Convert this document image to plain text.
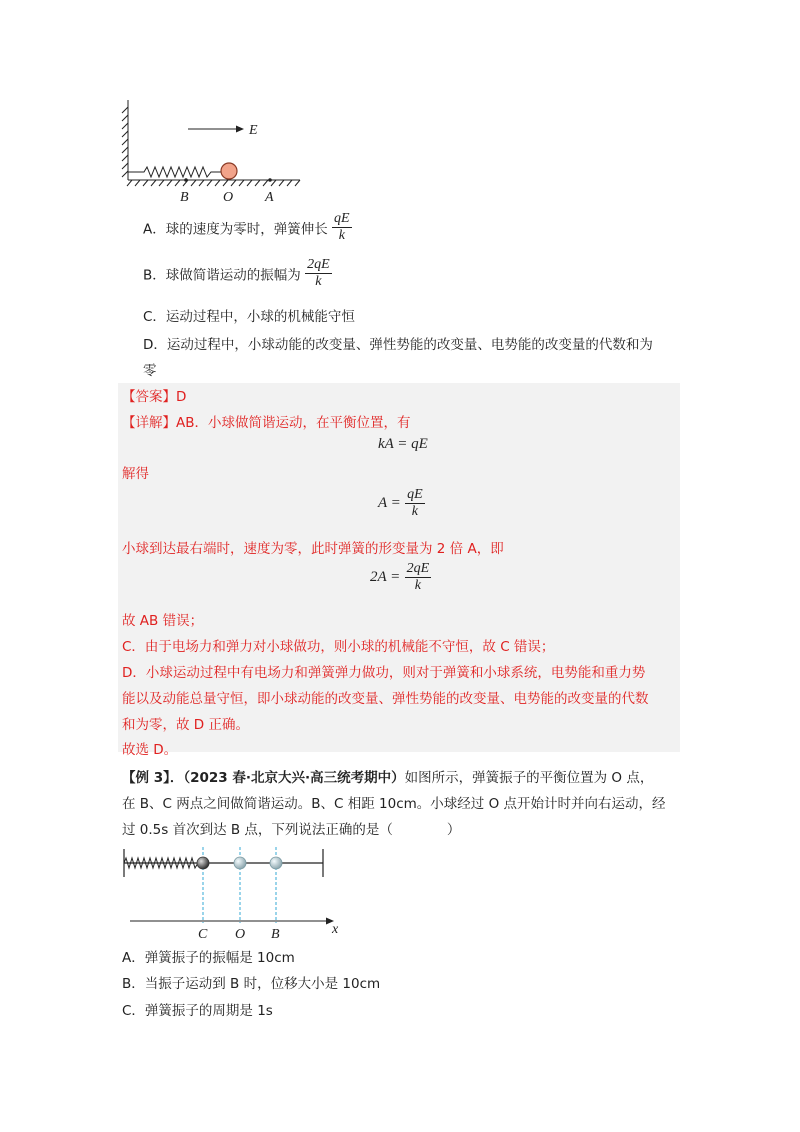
E
B O A
A．球的速度为零时，弹簧伸长 $\frac{qE}{k}$
B．球做简谐运动的振幅为 $\frac{2qE}{k}$
C．运动过程中，小球的机械能守恒
D．运动过程中，小球动能的改变量、弹性势能的改变量、电势能的改变量的代数和为
零
【答案】D
【详解】AB．小球做简谐运动，在平衡位置，有
kA = qE
解得
$A = \frac{qE}{k}$
小球到达最右端时，速度为零，此时弹簧的形变量为 2 倍 A，即
$2A = \frac{2qE}{k}$
故 AB 错误；
C．由于电场力和弹力对小球做功，则小球的机械能不守恒，故 C 错误；
D．小球运动过程中有电场力和弹簧弹力做功，则对于弹簧和小球系统，电势能和重力势
能以及动能总量守恒，即小球动能的改变量、弹性势能的改变量、电势能的改变量的代数
和为零，故 D 正确。
故选 D。
【例 3】．（2023 春·北京大兴·高三统考期中）如图所示，弹簧振子的平衡位置为 O 点，
在 B、C 两点之间做简谐运动。B、C 相距 10cm。小球经过 O 点开始计时并向右运动，经
过 0.5s 首次到达 B 点，下列说法正确的是（　　　　）
C O B	x
A．弹簧振子的振幅是 10cm
B．当振子运动到 B 时，位移大小是 10cm
C．弹簧振子的周期是 1s
